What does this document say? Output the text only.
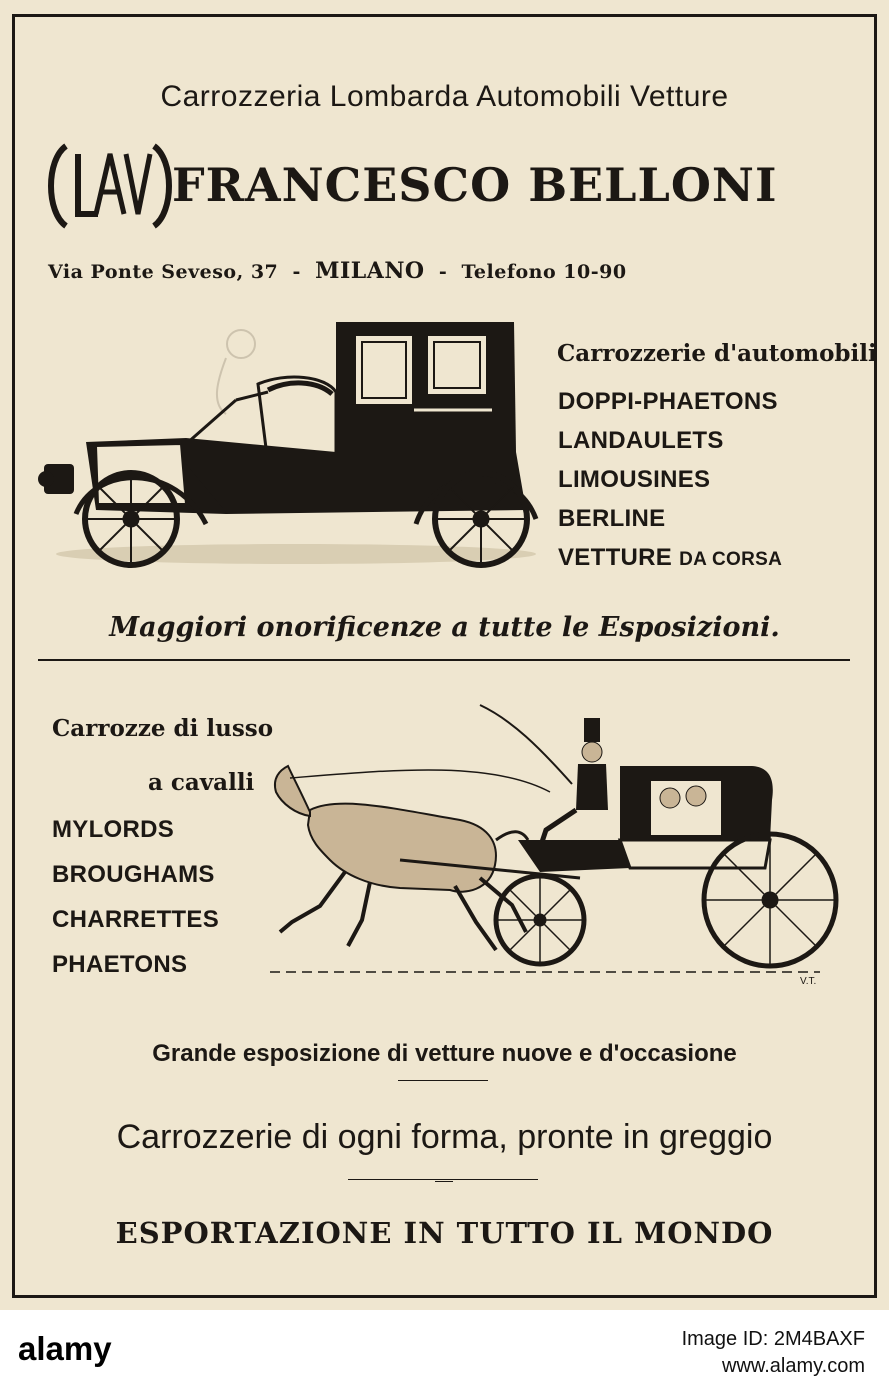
Carrozzeria Lombarda Automobili Vetture
FRANCESCO BELLONI
Via Ponte Seveso, 37 - MILANO - Telefono 10-90
Carrozzerie d'automobili
DOPPI-PHAETONS
LANDAULETS
LIMOUSINES
BERLINE
VETTURE DA CORSA
Maggiori onorificenze a tutte le Esposizioni.
Carrozze di lusso
a cavalli
MYLORDS
BROUGHAMS
CHARRETTES
PHAETONS
V.T.
Grande esposizione di vetture nuove e d'occasione
Carrozzerie di ogni forma, pronte in greggio
ESPORTAZIONE IN TUTTO IL MONDO
alamy	Image ID: 2M4BAXF
www.alamy.com
